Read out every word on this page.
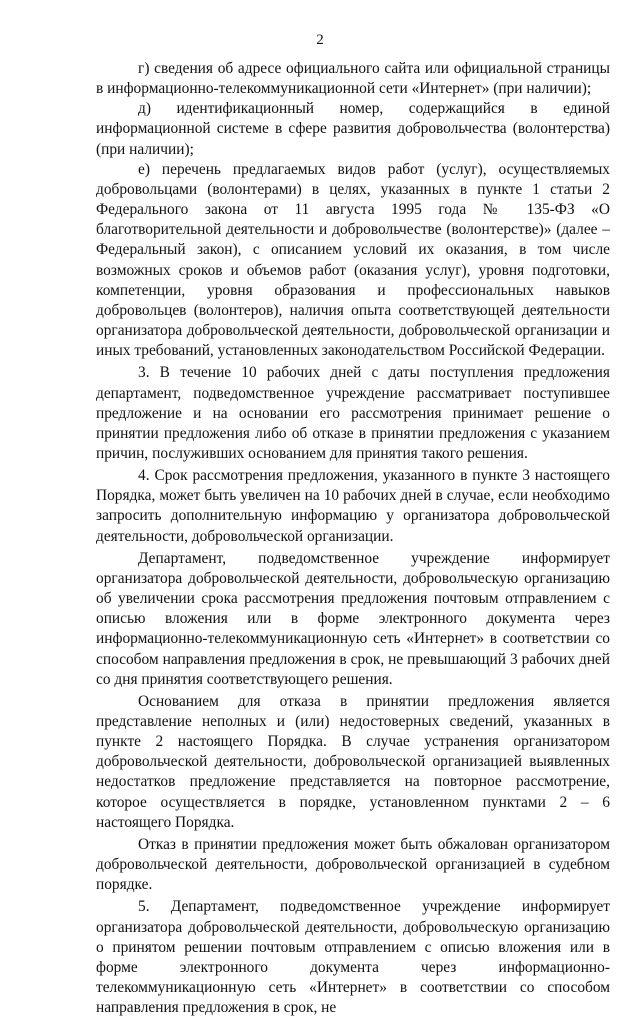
2

г) сведения об адресе официального сайта или официальной страницы в информационно-телекоммуникационной сети «Интернет» (при наличии);

д) идентификационный номер, содержащийся в единой информационной системе в сфере развития добровольчества (волонтерства) (при наличии);

е) перечень предлагаемых видов работ (услуг), осуществляемых добровольцами (волонтерами) в целях, указанных в пункте 1 статьи 2 Федерального закона от 11 августа 1995 года № 135-ФЗ «О благотворительной деятельности и добровольчестве (волонтерстве)» (далее – Федеральный закон), с описанием условий их оказания, в том числе возможных сроков и объемов работ (оказания услуг), уровня подготовки, компетенции, уровня образования и профессиональных навыков добровольцев (волонтеров), наличия опыта соответствующей деятельности организатора добровольческой деятельности, добровольческой организации и иных требований, установленных законодательством Российской Федерации.

3. В течение 10 рабочих дней с даты поступления предложения департамент, подведомственное учреждение рассматривает поступившее предложение и на основании его рассмотрения принимает решение о принятии предложения либо об отказе в принятии предложения с указанием причин, послуживших основанием для принятия такого решения.

4. Срок рассмотрения предложения, указанного в пункте 3 настоящего Порядка, может быть увеличен на 10 рабочих дней в случае, если необходимо запросить дополнительную информацию у организатора добровольческой деятельности, добровольческой организации.

Департамент, подведомственное учреждение информирует организатора добровольческой деятельности, добровольческую организацию об увеличении срока рассмотрения предложения почтовым отправлением с описью вложения или в форме электронного документа через информационно-телекоммуникационную сеть «Интернет» в соответствии со способом направления предложения в срок, не превышающий 3 рабочих дней со дня принятия соответствующего решения.

Основанием для отказа в принятии предложения является представление неполных и (или) недостоверных сведений, указанных в пункте 2 настоящего Порядка. В случае устранения организатором добровольческой деятельности, добровольческой организацией выявленных недостатков предложение представляется на повторное рассмотрение, которое осуществляется в порядке, установленном пунктами 2 – 6 настоящего Порядка.

Отказ в принятии предложения может быть обжалован организатором добровольческой деятельности, добровольческой организацией в судебном порядке.

5. Департамент, подведомственное учреждение информирует организатора добровольческой деятельности, добровольческую организацию о принятом решении почтовым отправлением с описью вложения или в форме электронного документа через информационно-телекоммуникационную сеть «Интернет» в соответствии со способом направления предложения в срок, не
